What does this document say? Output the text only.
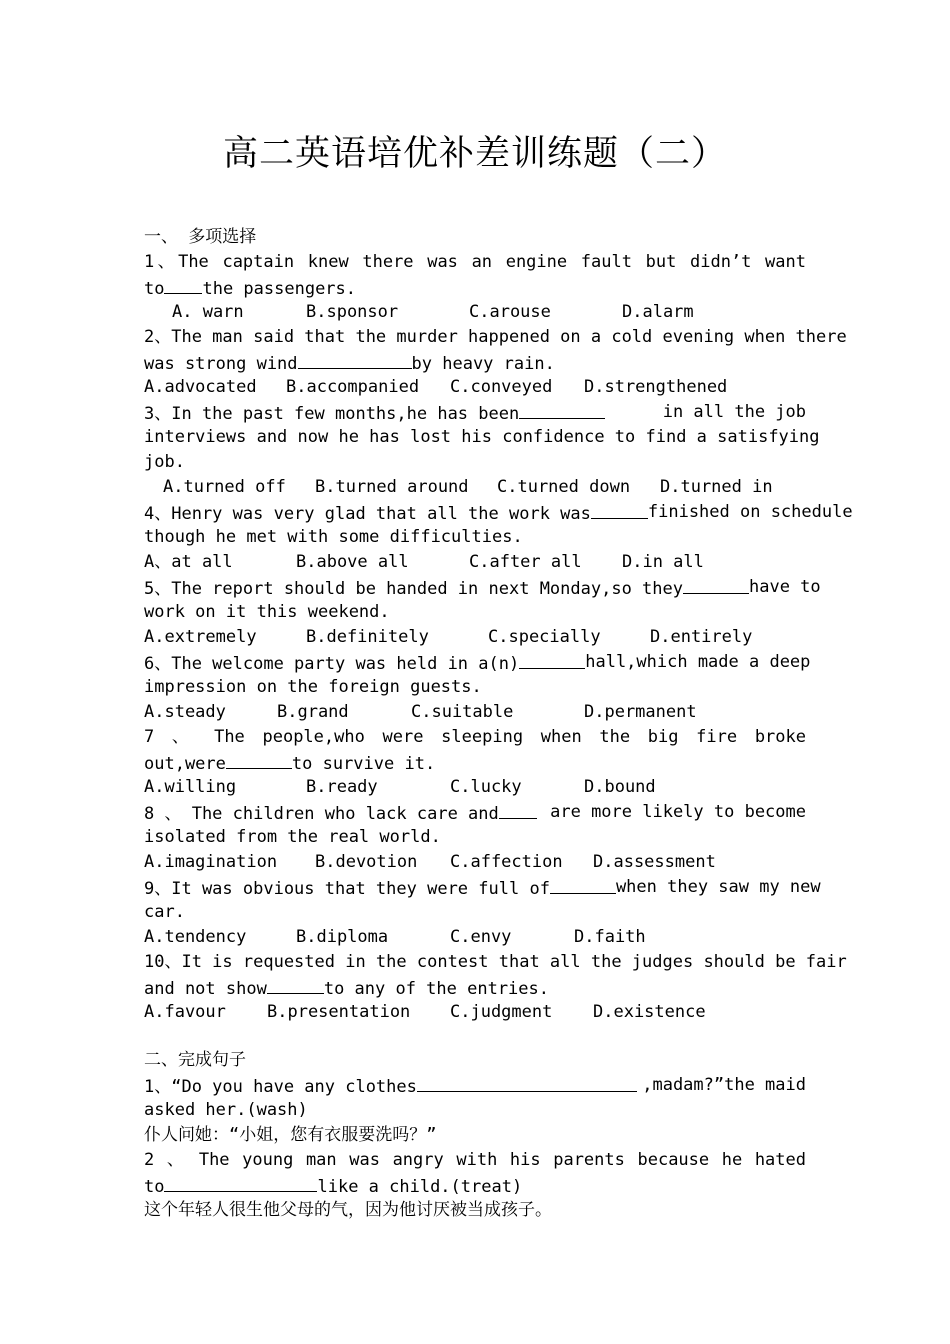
高二英语培优补差训练题（二）
一、 多项选择
1、The captain knew there was an engine fault but didn’t want
to the passengers.
A. warn	B.sponsor	C.arouse	D.alarm
2、The man said that the murder happened on a cold evening when there
was strong wind	by heavy rain.
A.advocated B.accompanied C.conveyed D.strengthened
3、In the past few months,he has been	in all the job
interviews and now he has lost his confidence to find a satisfying
job.
A.turned off B.turned around C.turned down D.turned in
4、Henry was very glad that all the work was	finished on schedule
though he met with some difficulties.
A、at all	B.above all	C.after all D.in all
5、The report should be handed in next Monday,so they	have to
work on it this weekend.
A.extremely	B.definitely	C.specially	D.entirely
6、The welcome party was held in a(n)	hall,which made a deep
impression on the foreign guests.
A.steady	B.grand	C.suitable	D.permanent
7 、 The people,who were sleeping when the big fire broke
out,were	to survive it.
A.willing	B.ready	C.lucky	D.bound
8 、 The children who lack care and	are more likely to become
isolated from the real world.
A.imagination B.devotion C.affection D.assessment
9、It was obvious that they were full of	when they saw my new
car.
A.tendency	B.diploma	C.envy	D.faith
10、It is requested in the contest that all the judges should be fair
and not show	to any of the entries.
A.favour B.presentation C.judgment D.existence
二、完成句子
1、“Do you have any clothes	,madam?”the maid
asked her.(wash)
仆人问她：“小姐，您有衣服要洗吗？”
2 、 The young man was angry with his parents because he hated
to	like a child.(treat)
这个年轻人很生他父母的气，因为他讨厌被当成孩子。
